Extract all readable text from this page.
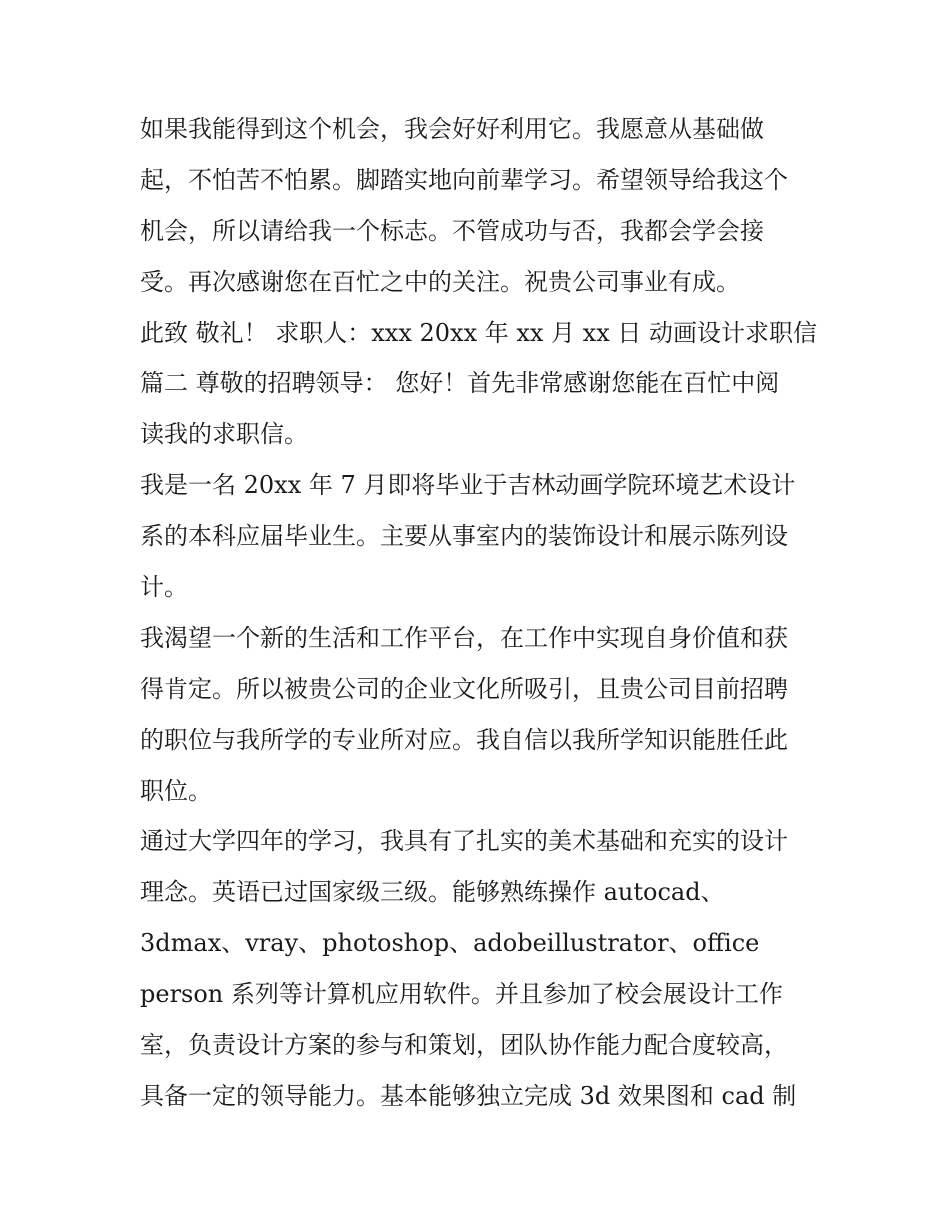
如果我能得到这个机会，我会好好利用它。我愿意从基础做
起，不怕苦不怕累。脚踏实地向前辈学习。希望领导给我这个
机会，所以请给我一个标志。不管成功与否，我都会学会接
受。再次感谢您在百忙之中的关注。祝贵公司事业有成。
此致 敬礼！ 求职人：xxx 20xx 年 xx 月 xx 日 动画设计求职信
篇二 尊敬的招聘领导： 您好！首先非常感谢您能在百忙中阅
读我的求职信。
我是一名 20xx 年 7 月即将毕业于吉林动画学院环境艺术设计
系的本科应届毕业生。主要从事室内的装饰设计和展示陈列设
计。
我渴望一个新的生活和工作平台，在工作中实现自身价值和获
得肯定。所以被贵公司的企业文化所吸引，且贵公司目前招聘
的职位与我所学的专业所对应。我自信以我所学知识能胜任此
职位。
通过大学四年的学习，我具有了扎实的美术基础和充实的设计
理念。英语已过国家级三级。能够熟练操作 autocad、
3dmax、vray、photoshop、adobeillustrator、office
person 系列等计算机应用软件。并且参加了校会展设计工作
室，负责设计方案的参与和策划，团队协作能力配合度较高，
具备一定的领导能力。基本能够独立完成 3d 效果图和 cad 制
